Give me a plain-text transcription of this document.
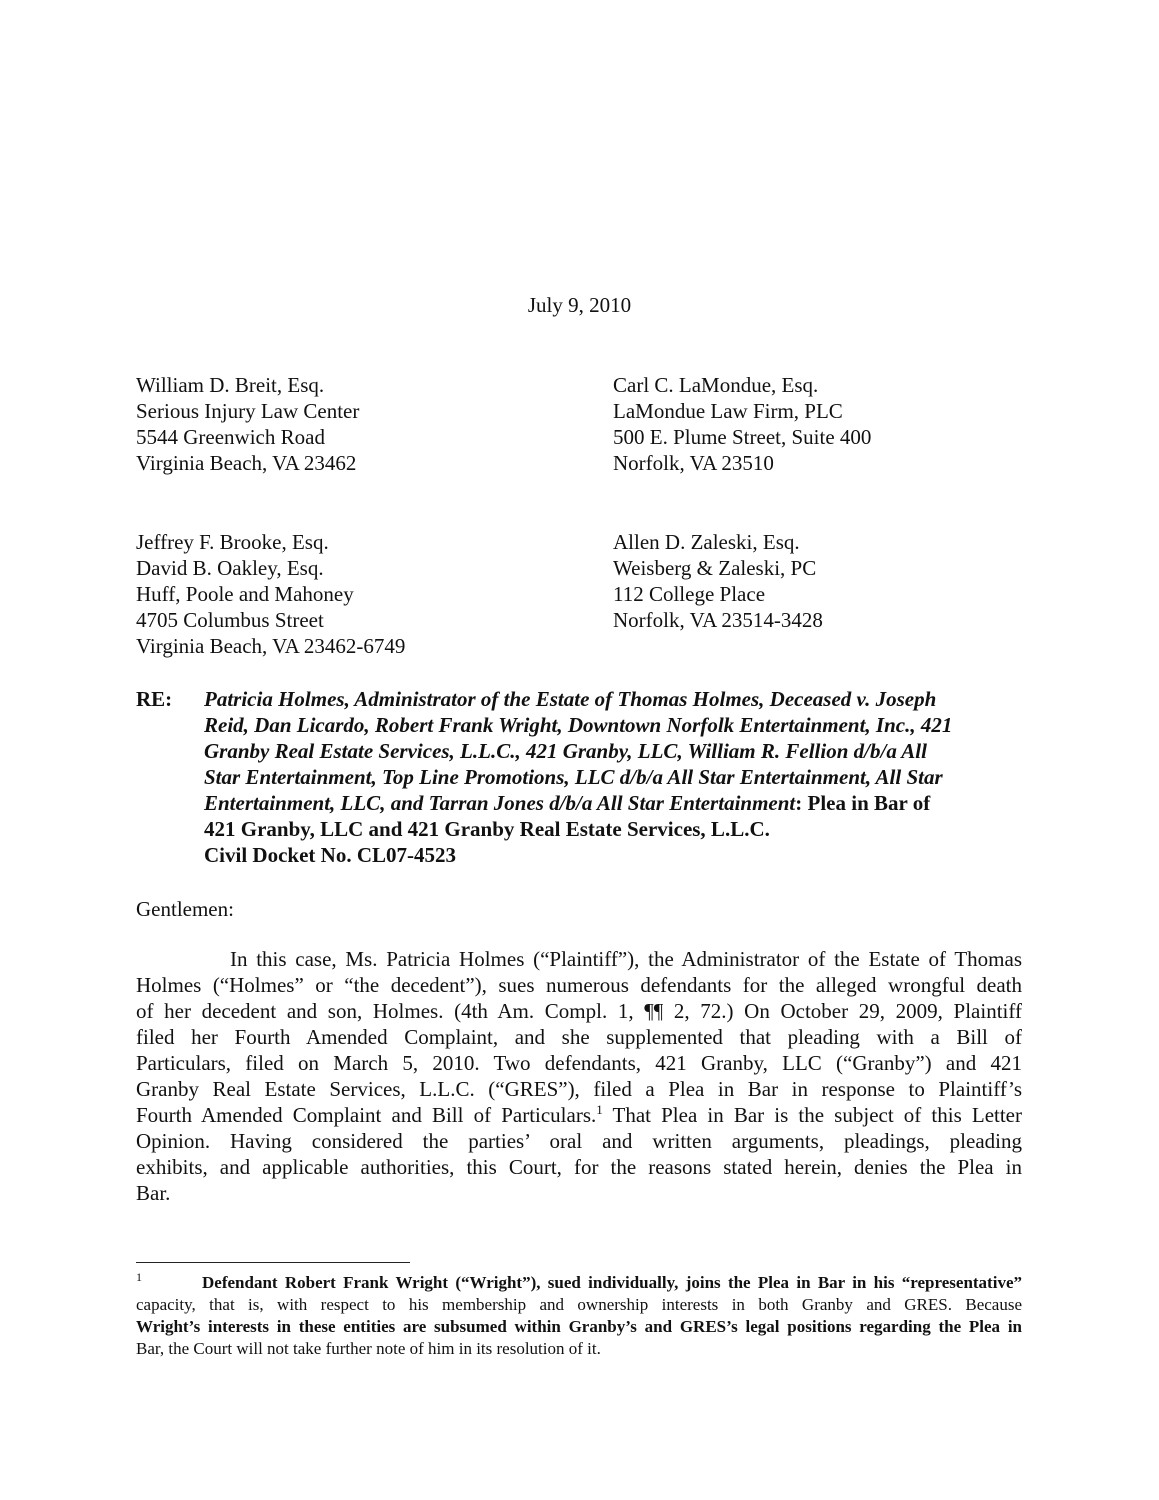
July 9, 2010
William D. Breit, Esq.
Serious Injury Law Center
5544 Greenwich Road
Virginia Beach, VA 23462
Carl C. LaMondue, Esq.
LaMondue Law Firm, PLC
500 E. Plume Street, Suite 400
Norfolk, VA 23510
Jeffrey F. Brooke, Esq.
David B. Oakley, Esq.
Huff, Poole and Mahoney
4705 Columbus Street
Virginia Beach, VA 23462-6749
Allen D. Zaleski, Esq.
Weisberg & Zaleski, PC
112 College Place
Norfolk, VA 23514-3428
RE: Patricia Holmes, Administrator of the Estate of Thomas Holmes, Deceased v. Joseph
Reid, Dan Licardo, Robert Frank Wright, Downtown Norfolk Entertainment, Inc., 421
Granby Real Estate Services, L.L.C., 421 Granby, LLC, William R. Fellion d/b/a All
Star Entertainment, Top Line Promotions, LLC d/b/a All Star Entertainment, All Star
Entertainment, LLC, and Tarran Jones d/b/a All Star Entertainment: Plea in Bar of
421 Granby, LLC and 421 Granby Real Estate Services, L.L.C.
Civil Docket No. CL07-4523
Gentlemen:
In this case, Ms. Patricia Holmes (“Plaintiff”), the Administrator of the Estate of Thomas
Holmes (“Holmes” or “the decedent”), sues numerous defendants for the alleged wrongful death
of her decedent and son, Holmes. (4th Am. Compl. 1, ¶¶ 2, 72.) On October 29, 2009, Plaintiff
filed her Fourth Amended Complaint, and she supplemented that pleading with a Bill of
Particulars, filed on March 5, 2010. Two defendants, 421 Granby, LLC (“Granby”) and 421
Granby Real Estate Services, L.L.C. (“GRES”), filed a Plea in Bar in response to Plaintiff’s
Fourth Amended Complaint and Bill of Particulars.$^1$ That Plea in Bar is the subject of this Letter
Opinion. Having considered the parties’ oral and written arguments, pleadings, pleading
exhibits, and applicable authorities, this Court, for the reasons stated herein, denies the Plea in
Bar.
1	Defendant Robert Frank Wright (“Wright”), sued individually, joins the Plea in Bar in his “representative”
capacity, that is, with respect to his membership and ownership interests in both Granby and GRES. Because
Wright’s interests in these entities are subsumed within Granby’s and GRES’s legal positions regarding the Plea in
Bar, the Court will not take further note of him in its resolution of it.
